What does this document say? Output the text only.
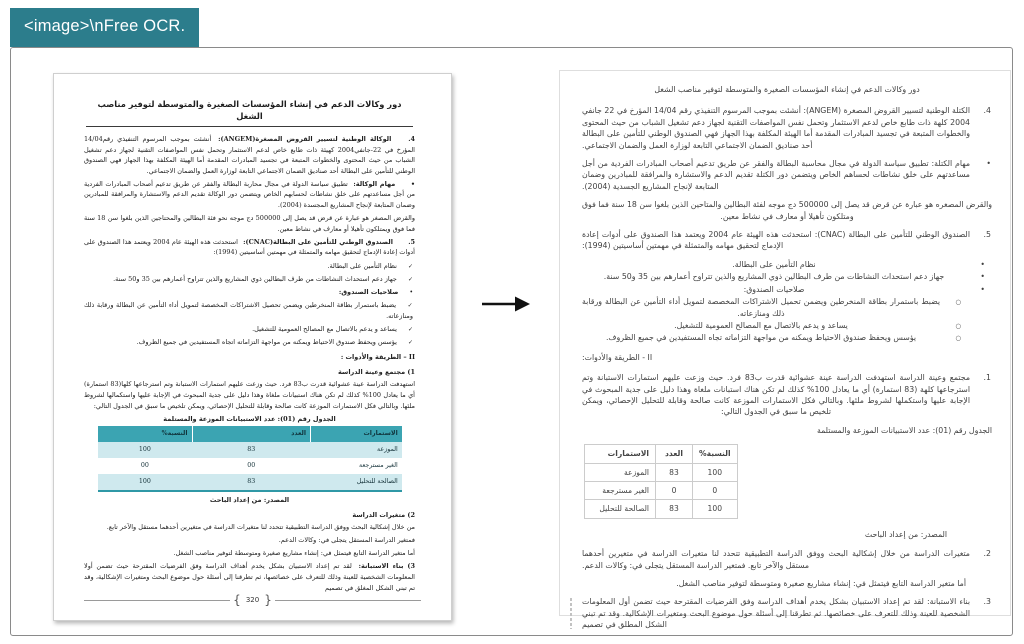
<image>\nFree OCR.
دور وكالات الدعم في إنشاء المؤسسات الصغيرة والمتوسطة لتوفير مناصب الشغل

4. الوكالة الوطنية لتسيير القروض المصغرة(ANGEM): أنشئت بموجب المرسوم التنفيذي رقم14/04 المؤرخ في 22-جانفي2004 كهيئة ذات طابع خاص لدعم الاستثمار وتحمل نفس المواصفات التقنية لجهاز دعم تشغيل الشباب من حيث المحتوى والخطوات المتبعة في تجسيد المبادرات المقدمة أما الهيئة المكلفة بهذا الجهاز فهي الصندوق الوطني للتأمين على البطالة أحد صناديق الضمان الاجتماعي التابعة لوزارة العمل والضمان الاجتماعي.

• مهام الوكالة: تطبيق سياسة الدولة في مجال محاربة البطالة والفقر عن طريق تدعيم أصحاب المبادرات الفردية من أجل مساعدتهم على خلق نشاطات لحسابهم الخاص ويتضمن دور الوكالة تقديم الدعم والاستشارة والمرافقة للمبادرين وضمان المتابعة لإنجاح المشاريع المجسدة (2004).

والقرض المصغر هو عبارة عن قرض قد يصل إلى 500000 دج موجه نحو فئة البطالين والمحتاجين الذين بلغوا سن 18 سنة فما فوق ويمتلكون تأهيلا أو معارف في نشاط معين.

5. الصندوق الوطني للتأمين على البطالة(CNAC): استحدثت هذه الهيئة عام 2004 ويعتمد هذا الصندوق على أدوات إعادة الإدماج لتحقيق مهامه والمتمثلة في مهمتين أساسيتين (1994):

✓ نظام التأمين على البطالة.

✓ جهاز دعم استحداث النشاطات من طرف البطالين ذوي المشاريع والذين تتراوح أعمارهم بين 35 و50 سنة.

• صلاحيات الصندوق:

✓ يضبط باستمرار بطاقة المنخرطين ويضمن تحصيل الاشتراكات المخصصة لتمويل أداء التأمين عن البطالة ورقابة ذلك ومنازعاته.

✓ يساعد و يدعم بالاتصال مع المصالح العمومية للتشغيل.

✓ يؤسس ويحفظ صندوق الاحتياط ويمكنه من مواجهة التزاماته اتجاه المستفيدين في جميع الظروف.

II – الطريقة والأدوات :
1) مجتمع وعينة الدراسة

استهدفت الدراسة عينة عشوائية قدرت ب83 فرد. حيث وزعت عليهم استمارات الاستبانة وتم استرجاعها كلها(83 استمارة) أي ما يعادل 100% كذلك لم تكن هناك استبيانات ملغاة وهذا دليل على جدية المبحوث في الإجابة عليها واستكمالها لشروط ملئها. وبالتالي فكل الاستمارات الموزعة كانت صالحة وقابلة للتحليل الإحصائي، ويمكن تلخيص ما سبق في الجدول التالي:

الجدول رقم (01): عدد الاستبيانات الموزعة والمستلمة
الاستمارات	العدد	النسبة%
الموزعة	83	100
الغير مسترجعة	00	00
الصالحة للتحليل	83	100
المصدر: من إعداد الباحث
2) متغيرات الدراسة

من خلال إشكالية البحث ووفق الدراسة التطبيقية تتحدد لنا متغيرات الدراسة في متغيرين أحدهما مستقل والآخر تابع.

فمتغير الدراسة المستقل يتجلى في: وكالات الدعم.

أما متغير الدراسة التابع فيتمثل في: إنشاء مشاريع صغيرة ومتوسطة لتوفير مناصب الشغل.

3) بناء الاستبانة: لقد تم إعداد الاستبيان بشكل يخدم أهداف الدراسة وفق الفرضيات المقترحة حيث تضمن أولا المعلومات الشخصية للعينة وذلك للتعرف على خصائصها، ثم تطرقنا إلى أسئلة حول موضوع البحث ومتغيرات الإشكالية، وقد تم تبني الشكل المغلق في تصميم

{ 320 }
دور وكالات الدعم في إنشاء المؤسسات الصغيرة والمتوسطة لتوفير مناصب الشغل
4.
الكتلة الوطنية لتسيير القروض المصغرة (ANGEM): أنشئت بموجب المرسوم التنفيذي رقم 14/04 المؤرخ في 22 جانفي 2004 كلهة ذات طابع خاص لدعم الاستثمار وتحمل نفس المواصفات التقنية لجهاز دعم تشغيل الشباب من حيث المحتوى والخطوات المتبعة في تجسيد المبادرات المقدمة أما الهيئة المكلفة بهذا الجهاز فهي الصندوق الوطني للتأمين على البطالة أحد صناديق الضمان الاجتماعي التابعة لوزارة العمل والضمان الاجتماعي.
•
مهام الكتلة: تطبيق سياسة الدولة في مجال محاسبة البطالة والفقر عن طريق تدعيم أصحاب المبادرات الفردية من أجل مساعدتهم على خلق نشاطات لحساهم الخاص ويتضمن دور الكتلة تقديم الدعم والاستشارة والمرافقة للمبادرين وضمان المتابعة لإنجاح المشاريع الجسدية (2004).
والقرض المصغره هو عبارة عن قرض قد يصل إلى 500000 دج موجه لفئة البطالين والمتاحين الذين بلغوا سن 18 سنة فما فوق ومتلكون تأهيلا أو معارف في نشاط معين.
5.
الصندوق الوطني للتأمين على البطالة (CNAC): استحدثت هذه الهيئة عام 2004 ويعتمد هذا الصندوق على أدوات إعادة الإدماج لتحقيق مهامه والمتمثلة في مهمتين أساسيتين (1994):
•
نظام التأمين على البطالة.
•
جهاز دعم استحداث النشاطات من طرف البطالين ذوي المشاريع والذين تتراوح أعمارهم بين 35 و50 سنة.
•
صلاحيات الصندوق:
○
يضبط باستمرار بطاقة المنخرطين ويضمن تحميل الاشتراكات المخصصة لتمويل أداء التأمين عن البطالة ورقابة ذلك ومنازعاته.
○
يساعد و يدعم بالاتصال مع المصالح العمومية للتشغيل.
○
يؤسس ويحفظ صندوق الاحتياط ويمكنه من مواجهة التزاماته تجاه المستفيدين في جميع الظروف.
:الطريقة والأدوات - II
1.
مجتمع وعينة الدراسة استهدفت الدراسة عينة عشوائية قدرت ب83 فرد. حيث وزعت عليهم استمارات الاستبانة وتم استرجاعها كلهة (83 استمارة) أي ما يعادل 100% كذلك لم تكن هناك استبانات ملغاة وهذا دليل على جدية المبحوث في الإجابة عليها واستكملها لشروط ملئها. وبالتالي فكل الاستمارات الموزعة كانت صالحة وقابلة للتحليل الإحصائي، ويمكن تلخيص ما سبق في الجدول التالي:
الجدول رقم (01): عدد الاستبيانات الموزعة والمستلمة
الاستمارات	العدد	النسبة%
الموزعة	83	100
الغير مسترجعة	0	0
الصالحة للتحليل	83	100
المصدر: من إعداد الباحث
2.
متغيرات الدراسة من خلال إشكالية البحث ووفق الدراسة التطبيقية تتحدد لنا متغيرات الدراسة في متغيرين أحدهما مستقل والآخر تابع. فمتغير الدراسة المستقل يتجلى في: وكالات الدعم.
أما متغير الدراسة التابع فيتمثل في: إنشاء مشاريع صغيرة ومتوسطة لتوفير مناصب الشغل.
3.
بناء الاستبانة: لقد تم إعداد الاستبيان بشكل يخدم أهداف الدراسة وفق الفرضيات المقترحة حيث تضمن أول المعلومات الشخصية للعينة وذلك للتعرف على خصائصها. ثم تطرقنا إلى أسئلة حول موضوع البحث ومتغيرات الإشكالية. وقد تم تبني الشكل المطلق في تصميم
